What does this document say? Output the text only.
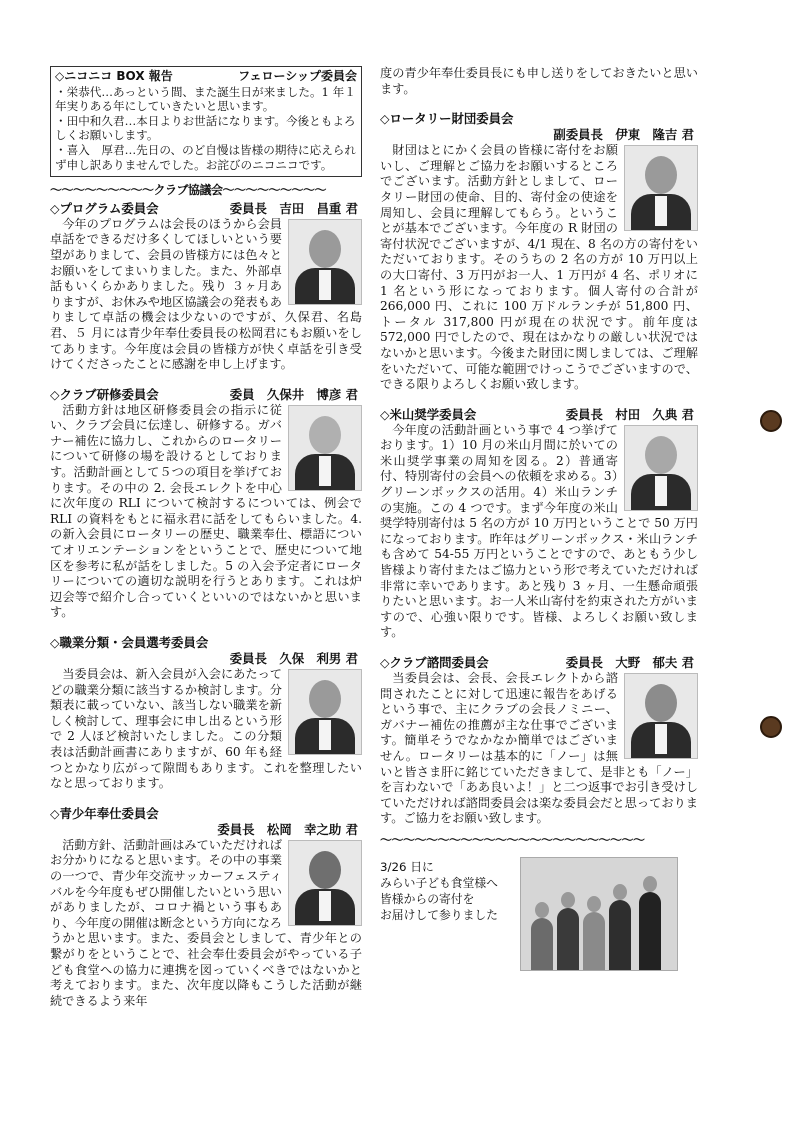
◇ニコニコ BOX 報告	フェローシップ委員会

・栄恭代…あっという間、また誕生日が来ました。1 年１年実りある年にしていきたいと思います。

・田中和久君…本日よりお世話になります。今後ともよろしくお願いします。

・喜入　厚君…先日の、のど自慢は皆様の期待に応えられず申し訳ありませんでした。お詫びのニコニコです。

〜〜〜〜〜〜〜〜〜クラブ協議会〜〜〜〜〜〜〜〜〜
◇プログラム委員会	委員長　吉田　昌重 君

今年のプログラムは会長のほうから会員卓話をできるだけ多くしてほしいという要望がありまして、会員の皆様方には色々とお願いをしてまいりました。また、外部卓話もいくらかありました。残り ３ヶ月ありますが、お休みや地区協議会の発表もありまして卓話の機会は少ないのですが、久保君、名島君、５ 月には青少年奉仕委員長の松岡君にもお願いをしてあります。今年度は会員の皆様方が快く卓話を引き受けてくださったことに感謝を申し上げます。

◇クラブ研修委員会	委員　久保井　博彦 君

活動方針は地区研修委員会の指示に従い、クラブ会員に伝達し、研修する。ガバナー補佐に協力し、これからのロータリーについて研修の場を設けるとしております。活動計画として５つの項目を挙げております。その中の 2. 会長エレクトを中心に次年度の RLI について検討するについては、例会で RLI の資料をもとに福永君に話をしてもらいました。4. の新入会員にロータリーの歴史、職業奉仕、標語についてオリエンテーションをということで、歴史について地区を参考に私が話をしました。5 の入会予定者にロータリーについての適切な説明を行うとあります。これは炉辺会等で紹介し合っていくといいのではないかと思います。

◇職業分類・会員選考委員会
委員長　久保　利男 君

当委員会は、新入会員が入会にあたってどの職業分類に該当するか検討します。分類表に載っていない、該当しない職業を新しく検討して、理事会に申し出るという形で 2 人ほど検討いたしました。この分類表は活動計画書にありますが、60 年も経つとかなり広がって隙間もあります。これを整理したいなと思っております。

◇青少年奉仕委員会
委員長　松岡　幸之助 君

活動方針、活動計画はみていただければお分かりになると思います。その中の事業の一つで、青少年交流サッカーフェスティバルを今年度もぜひ開催したいという思いがありましたが、コロナ禍という事もあり、今年度の開催は断念という方向になろうかと思います。また、委員会としまして、青少年との繋がりをということで、社会奉仕委員会がやっている子ども食堂への協力に連携を図っていくべきではないかと考えております。また、次年度以降もこうした活動が継続できるよう来年

度の青少年奉仕委員長にも申し送りをしておきたいと思います。

◇ロータリー財団委員会
副委員長　伊東　隆吉 君

財団はとにかく会員の皆様に寄付をお願いし、ご理解とご協力をお願いするところでございます。活動方針としまして、ロータリー財団の使命、目的、寄付金の使途を周知し、会員に理解してもらう。ということが基本でございます。今年度の R 財団の寄付状況でございますが、4/1 現在、8 名の方の寄付をいただいております。そのうちの 2 名の方が 10 万円以上の大口寄付、3 万円がお一人、1 万円が 4 名、ポリオに 1 名という形になっております。個人寄付の合計が 266,000 円、これに 100 万ドルランチが 51,800 円、トータル 317,800 円が現在の状況です。前年度は 572,000 円でしたので、現在はかなりの厳しい状況ではないかと思います。今後また財団に関しましては、ご理解をいただいて、可能な範囲でけっこうでございますので、できる限りよろしくお願い致します。

◇米山奨学委員会	委員長　村田　久典 君

今年度の活動計画という事で 4 つ挙げております。1）10 月の米山月間に於いての米山奨学事業の周知を図る。2）普通寄付、特別寄付の会員への依頼を求める。3）グリーンボックスの活用。4）米山ランチの実施。この 4 つです。まず今年度の米山奨学特別寄付は 5 名の方が 10 万円ということで 50 万円になっております。昨年はグリーンボックス・米山ランチも含めて 54-55 万円ということですので、あともう少し皆様より寄付またはご協力という形で考えていただければ非常に幸いであります。あと残り 3 ヶ月、一生懸命頑張りたいと思います。お一人米山寄付を約束された方がいますので、心強い限りです。皆様、よろしくお願い致します。

◇クラブ諮問委員会	委員長　大野　郁夫 君

当委員会は、会長、会長エレクトから諮問されたことに対して迅速に報告をあげるという事で、主にクラブの会長ノミニー、ガバナー補佐の推薦が主な仕事でございます。簡単そうでなかなか簡単ではございません。ロータリーは基本的に「ノー」は無いと皆さま肝に銘じていただきまして、是非とも「ノー」を言わないで「ああ良いよ！」と二つ返事でお引き受けしていただければ諮問委員会は楽な委員会だと思っております。ご協力をお願い致します。

〜〜〜〜〜〜〜〜〜〜〜〜〜〜〜〜〜〜〜〜〜〜〜
3/26 日に
みらい子ども食堂様へ
皆様からの寄付を
お届けして参りました
